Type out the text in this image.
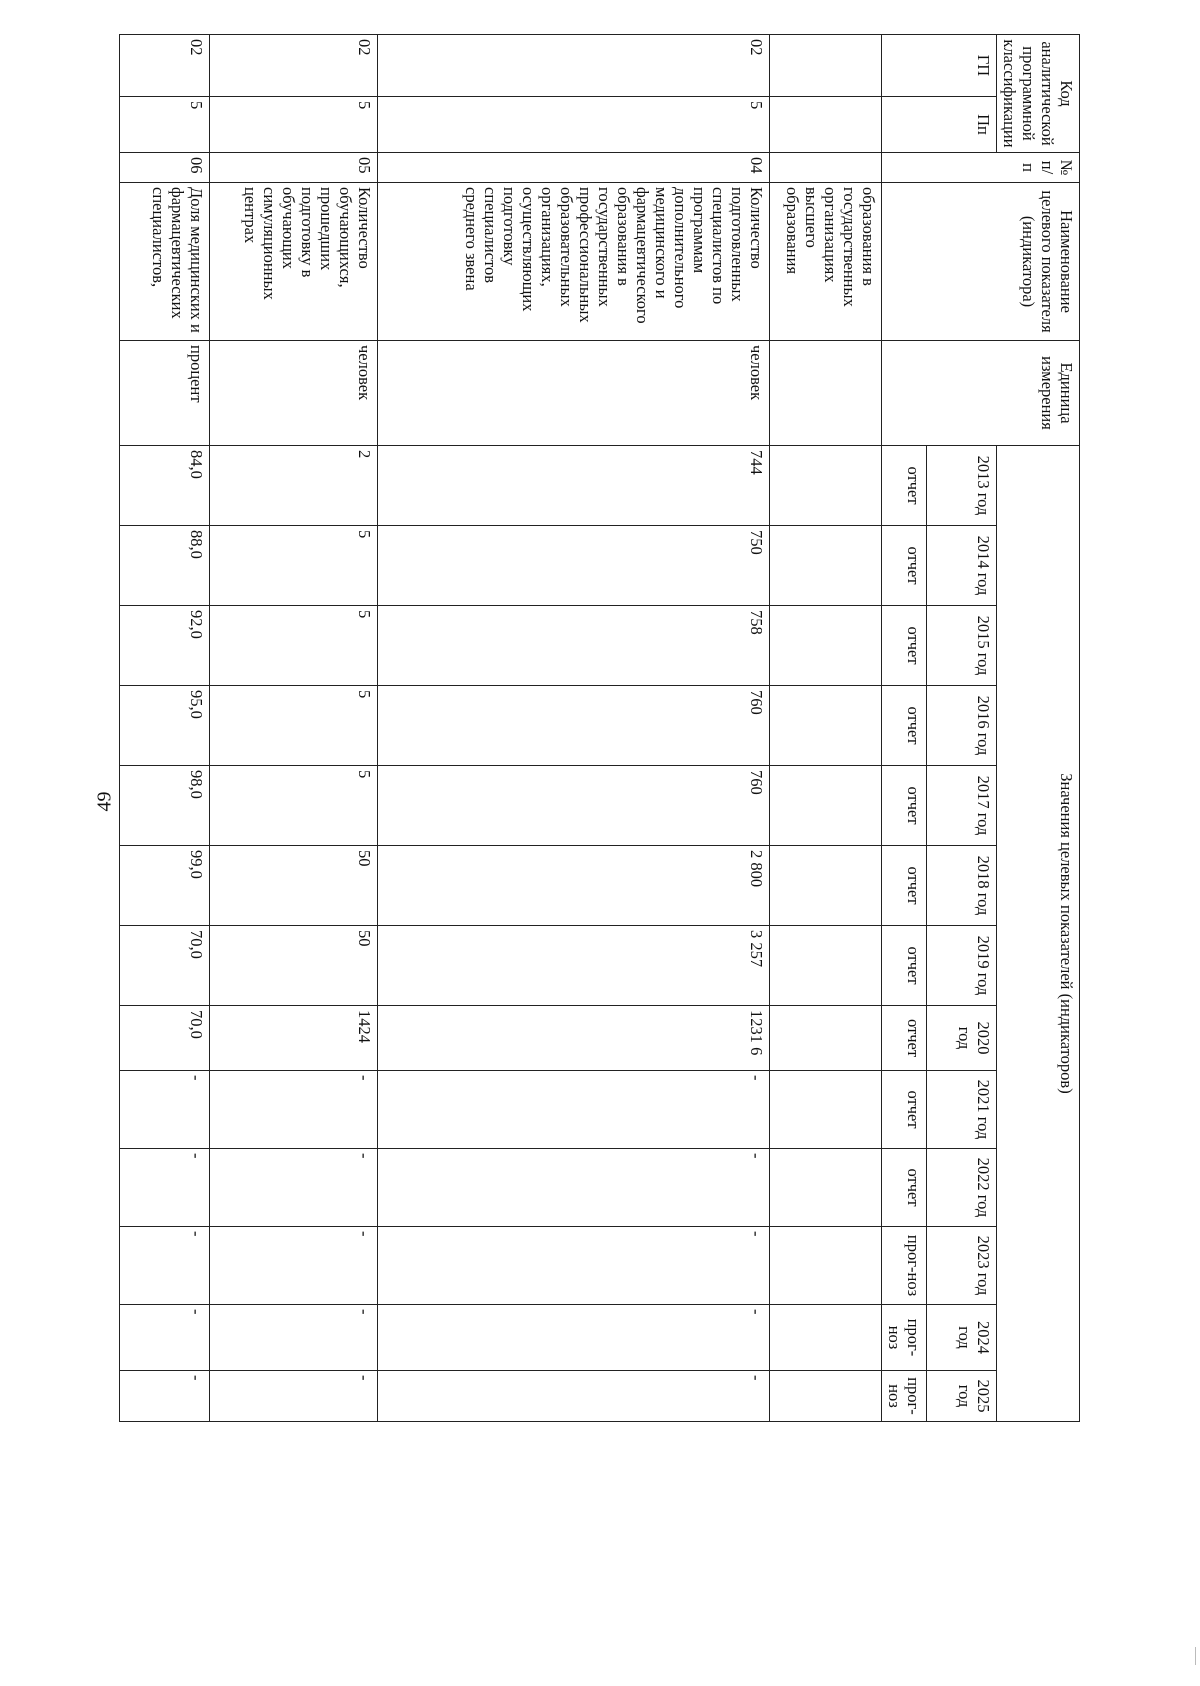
49
Код аналитической программной классификации		№ п/п	Наименование целевого показателя (индикатора)	Единица измерения	Значения целевых показателей (индикаторов)												
ГП	Пп				2013 год	2014 год	2015 год	2016 год	2017 год	2018 год	2019 год	2020 год	2021 год	2022 год	2023 год	2024 год	2025 год
					отчет	отчет	отчет	отчет	отчет	отчет	отчет	отчет	отчет	отчет	прог-ноз	прог-ноз	прог-ноз
			образования в государственных организациях высшего образования														
02	5	04	Количество подготовленных специалистов по программам дополнительного медицинского и фармацевтического образования в государственных профессиональных образовательных организациях, осуществляющих подготовку специалистов среднего звена	человек	744	750	758	760	760	2 800	3 257	1231 6	-	-	-	-	-
02	5	05	Количество обучающихся, прошедших подготовку в обучающих симуляционных центрах	человек	2	5	5	5	5	50	50	1424	-	-	-	-	-
02	5	06	Доля медицинских и фармацевтических специалистов,	процент	84,0	88,0	92,0	95,0	98,0	99,0	70,0	70,0	-	-	-	-	-
